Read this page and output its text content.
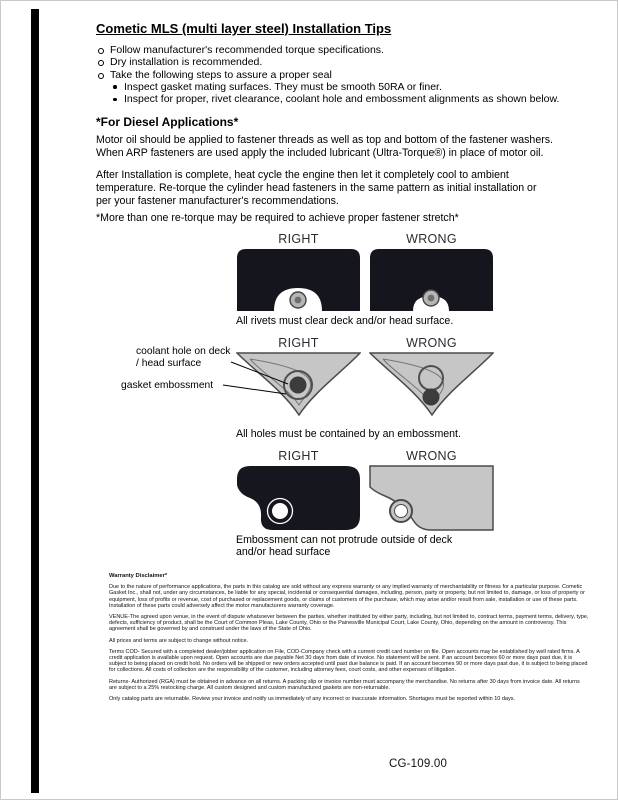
Cometic MLS (multi layer steel) Installation Tips
Follow manufacturer's recommended torque specifications.
Dry installation is recommended.
Take the following steps to assure a proper seal
Inspect gasket mating surfaces. They must be smooth 50RA or finer.
Inspect for proper, rivet clearance, coolant hole and embossment alignments as shown below.
*For Diesel Applications*

Motor oil should be applied to fastener threads as well as top and bottom of the fastener washers. When ARP fasteners are used apply the included lubricant (Ultra-Torque®) in place of motor oil.

After Installation is complete, heat cycle the engine then let it completely cool to ambient temperature. Re-torque the cylinder head fasteners in the same pattern as initial installation or per your fastener manufacturer's recommendations.

*More than one re-torque may be required to achieve proper fastener stretch*
RIGHT	WRONG
All rivets must clear deck and/or head surface.
coolant hole on deck / head surface
gasket embossment
RIGHT	WRONG
All holes must be contained by an embossment.
RIGHT	WRONG
Embossment can not protrude outside of deck and/or head surface
Warranty Disclaimer*

Due to the nature of performance applications, the parts in this catalog are sold without any express warranty or any implied warranty of merchantability or fitness for a particular purpose. Cometic Gasket Inc., shall not, under any circumstances, be liable for any special, incidental or consequential damages, including, person, party or property, but not limited to, damage, or loss of property or equipment, loss of profits or revenue, cost of purchased or replacement goods, or claims of customers of the purchase, which may arise and/or result from sale, installation or use of these parts. Installation of these parts could adversely affect the motor manufacturers warranty coverage.

VENUE-The agreed upon venue, in the event of dispute whatsoever between the parties, whether instituted by either party, including, but not limited to, contract terms, payment terms, delivery, type, defects, sufficiency of product, shall be the Court of Common Pleas, Lake County, Ohio or the Painesville Municipal Court, Lake County, Ohio, depending on the amount in controversy. This agreement shall be governed by and construed under the laws of the State of Ohio.

All prices and terms are subject to change without notice.

Terms COD- Secured with a completed dealer/jobber application on File, COD-Company check with a current credit card number on file. Open accounts may be established by well rated firms. A credit application is available upon request. Open accounts are due payable Net 30 days from date of invoice. No statement will be sent. If an account becomes 60 or more days past due, it is subject to being placed on credit hold. No orders will be shipped or new orders accepted until past due balance is paid. If an account becomes 90 or more days past due, it is subject to being placed for collections. All costs of collection are the responsibility of the customer, including attorney fees, court costs, and other expenses of litigation.

Returns- Authorized (RGA) must be obtained in advance on all returns. A packing slip or invoice number must accompany the merchandise. No returns after 30 days from invoice date. All returns are subject to a 25% restocking charge. All custom designed and custom manufactured gaskets are non-returnable.

Only catalog parts are returnable. Review your invoice and notify us immediately of any incorrect or inaccurate information. Shortages must be reported within 10 days.

CG-109.00
